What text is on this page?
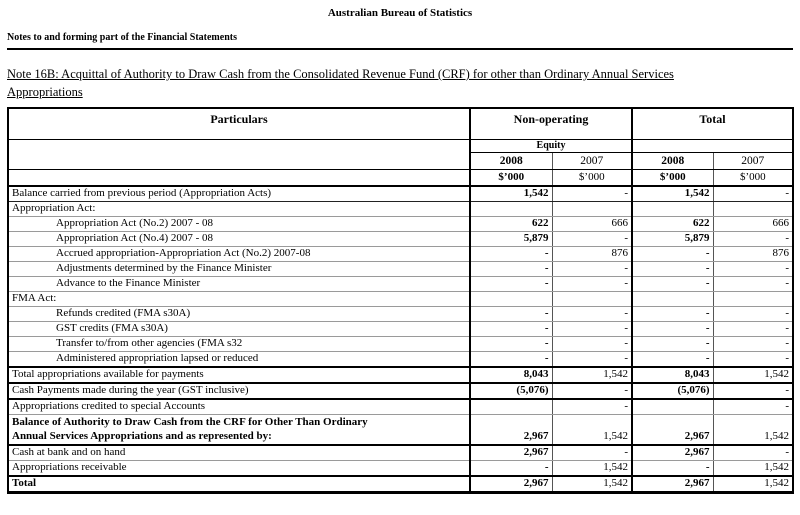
Australian Bureau of Statistics
Notes to and forming part of the Financial Statements
Note 16B: Acquittal of Authority to Draw Cash from the Consolidated Revenue Fund (CRF) for other than Ordinary Annual Services
Appropriations
Particulars	Non-operating		Total	
	Equity			
	2008	2007	2008	2007
	$’000	$’000	$’000	$’000
Balance carried from previous period (Appropriation Acts)	1,542	-	1,542	-
Appropriation Act:				
Appropriation Act (No.2) 2007 - 08	622	666	622	666
Appropriation Act (No.4) 2007 - 08	5,879	-	5,879	-
Accrued appropriation-Appropriation Act (No.2) 2007-08	-	876	-	876
Adjustments determined by the Finance Minister	-	-	-	-
Advance to the Finance Minister	-	-	-	-
FMA Act:				
Refunds credited (FMA s30A)	-	-	-	-
GST credits (FMA s30A)	-	-	-	-
Transfer to/from other agencies (FMA s32	-	-	-	-
Administered appropriation lapsed or reduced	-	-	-	-
Total appropriations available for payments	8,043	1,542	8,043	1,542
Cash Payments made during the year (GST inclusive)	(5,076)	-	(5,076)	-
Appropriations credited to special Accounts		-		-

Balance of Authority to Draw Cash from the CRF for Other Than Ordinary
Annual Services Appropriations and as represented by:	2,967	1,542	2,967	1,542
Cash at bank and on hand	2,967	-	2,967	-
Appropriations receivable	-	1,542	-	1,542
Total	2,967	1,542	2,967	1,542
